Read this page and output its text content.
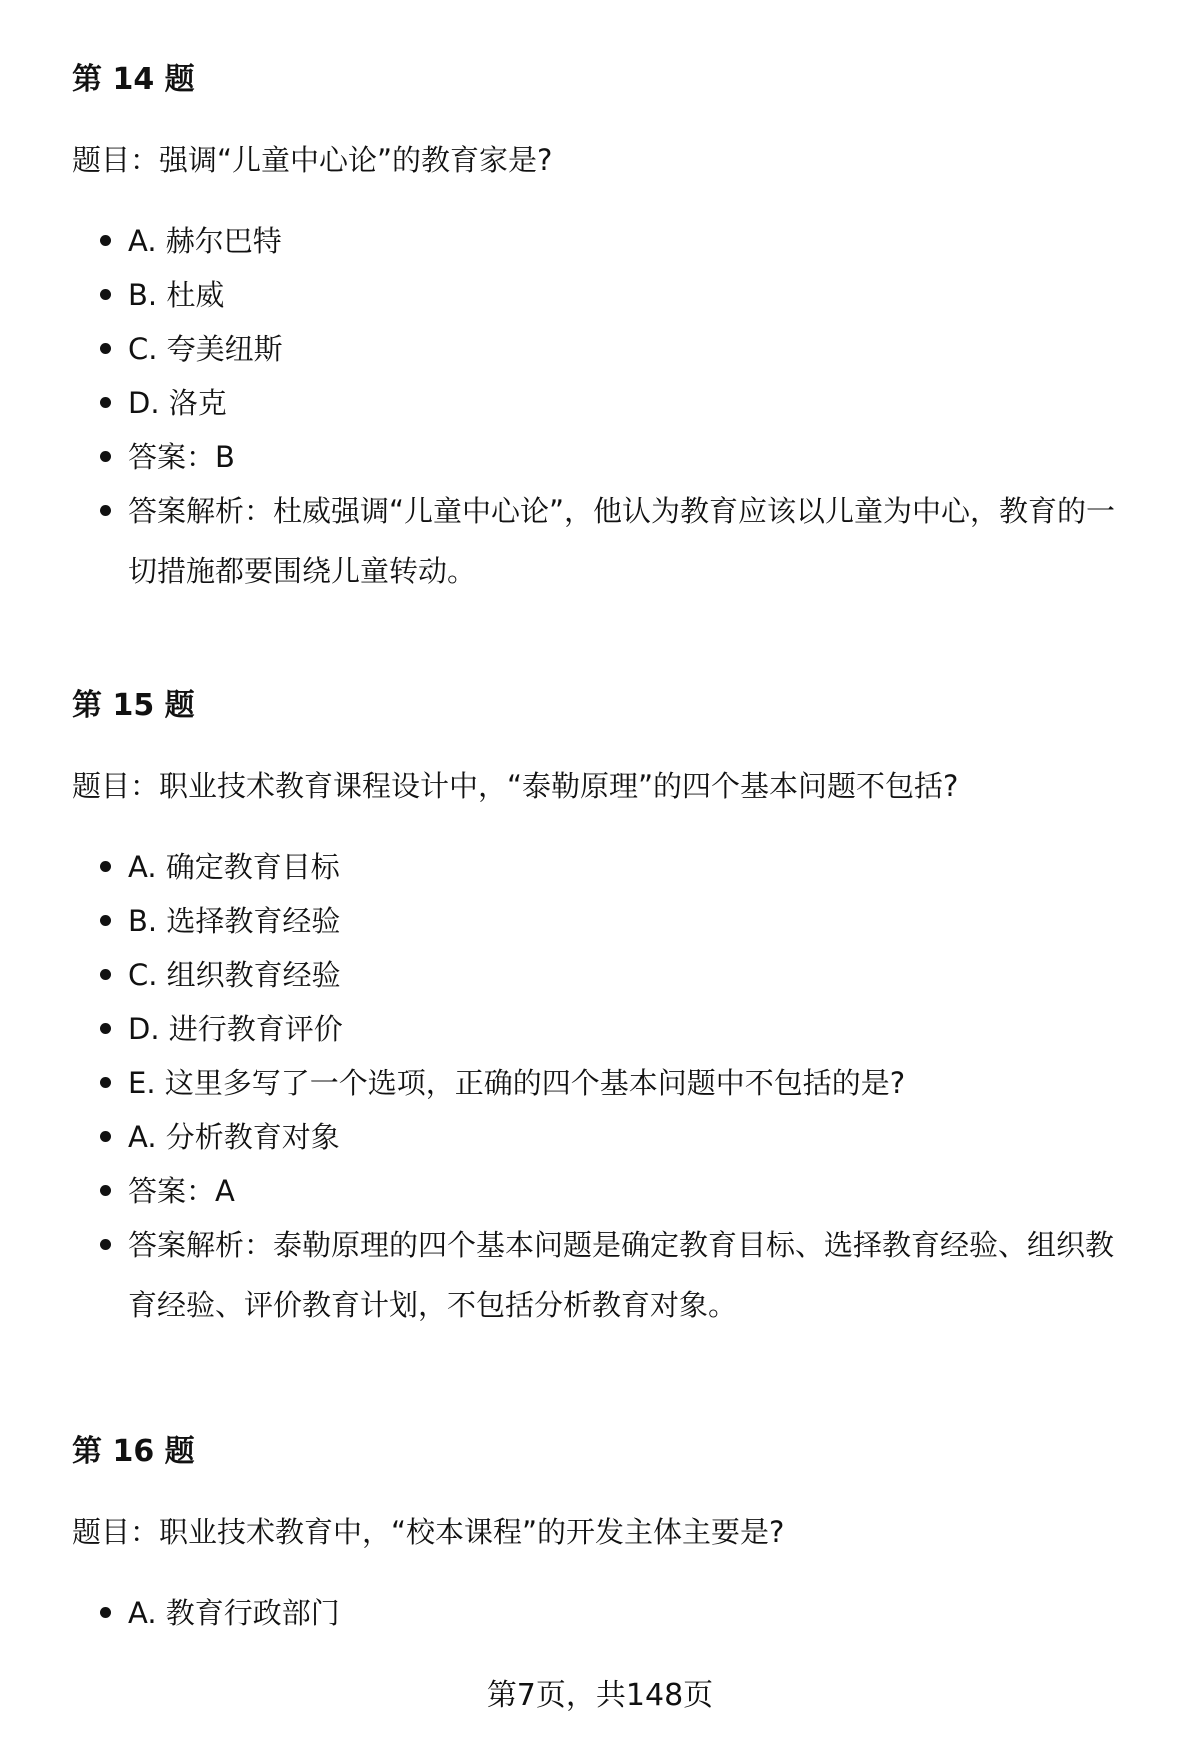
第 14 题
题目：强调“儿童中心论”的教育家是?
A. 赫尔巴特
B. 杜威
C. 夸美纽斯
D. 洛克
答案：B
答案解析：杜威强调“儿童中心论”，他认为教育应该以儿童为中心，教育的一切措施都要围绕儿童转动。
第 15 题
题目：职业技术教育课程设计中，“泰勒原理”的四个基本问题不包括?
A. 确定教育目标
B. 选择教育经验
C. 组织教育经验
D. 进行教育评价
E. 这里多写了一个选项，正确的四个基本问题中不包括的是?
A. 分析教育对象
答案：A
答案解析：泰勒原理的四个基本问题是确定教育目标、选择教育经验、组织教育经验、评价教育计划，不包括分析教育对象。
第 16 题
题目：职业技术教育中，“校本课程”的开发主体主要是?
A. 教育行政部门
第7页，共148页
